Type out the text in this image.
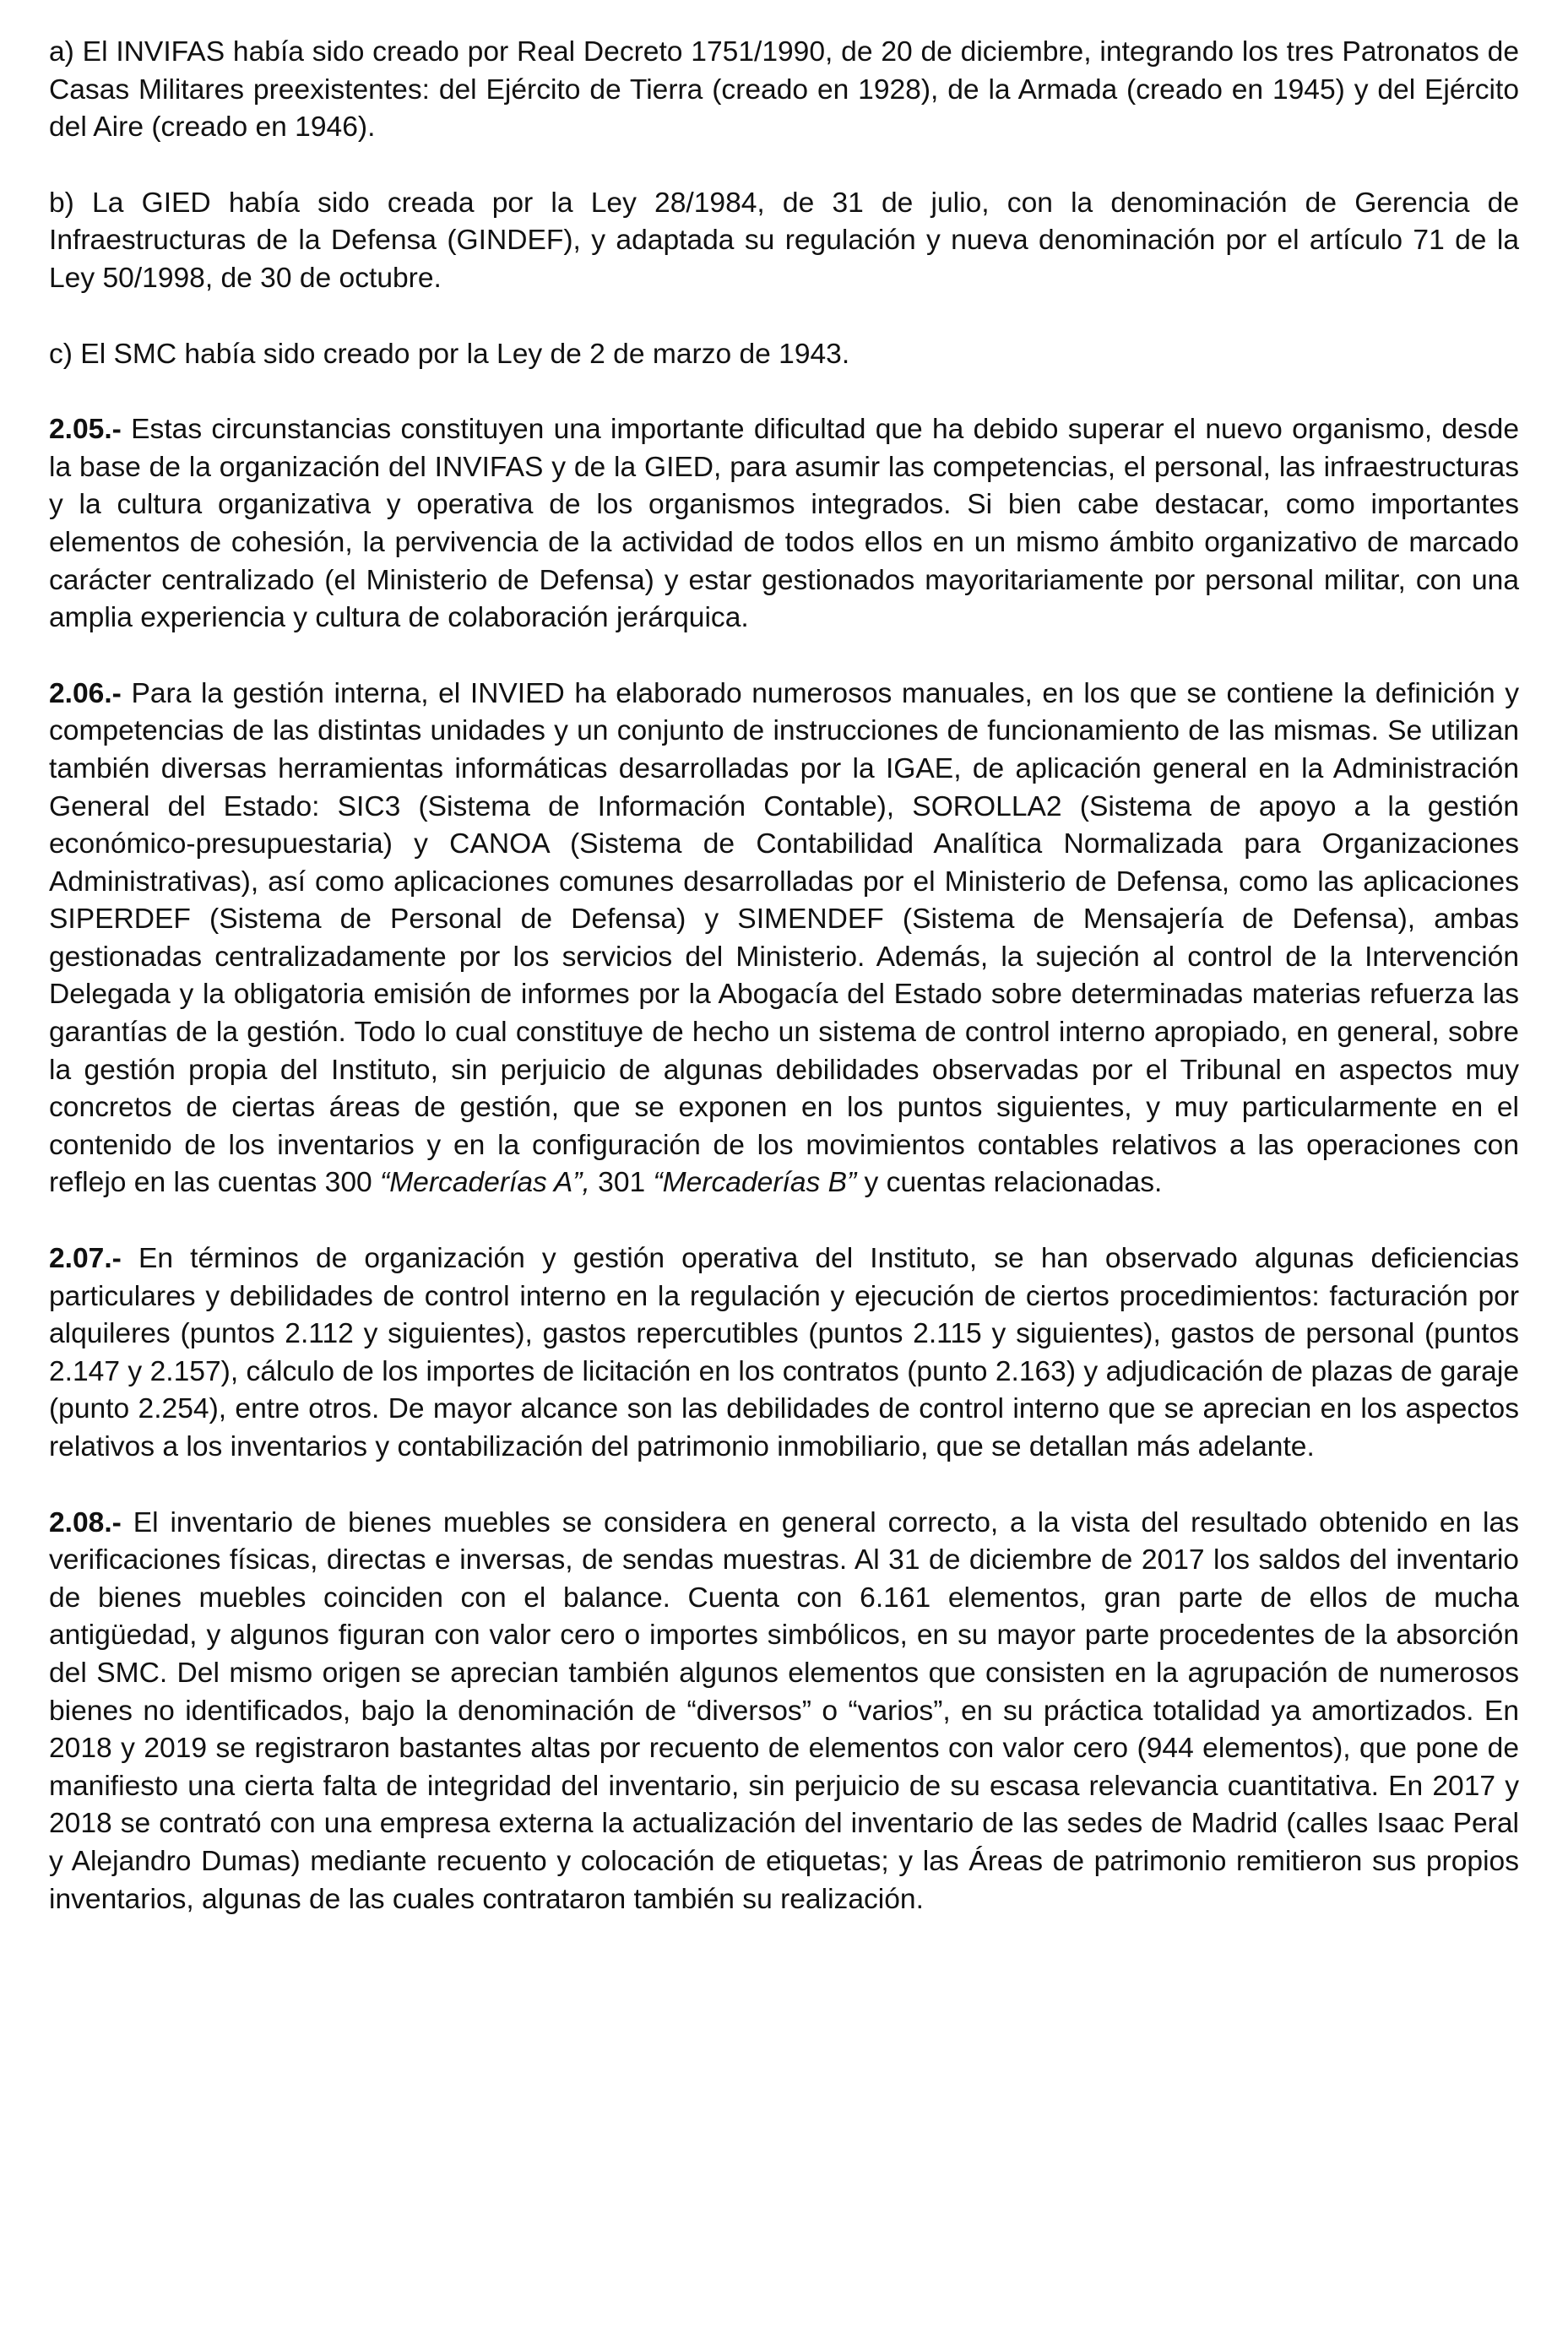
a) El INVIFAS había sido creado por Real Decreto 1751/1990, de 20 de diciembre, integrando los tres Patronatos de Casas Militares preexistentes: del Ejército de Tierra (creado en 1928), de la Armada (creado en 1945) y del Ejército del Aire (creado en 1946).

b) La GIED había sido creada por la Ley 28/1984, de 31 de julio, con la denominación de Gerencia de Infraestructuras de la Defensa (GINDEF), y adaptada su regulación y nueva denominación por el artículo 71 de la Ley 50/1998, de 30 de octubre.

c) El SMC había sido creado por la Ley de 2 de marzo de 1943.

2.05.- Estas circunstancias constituyen una importante dificultad que ha debido superar el nuevo organismo, desde la base de la organización del INVIFAS y de la GIED, para asumir las competencias, el personal, las infraestructuras y la cultura organizativa y operativa de los organismos integrados. Si bien cabe destacar, como importantes elementos de cohesión, la pervivencia de la actividad de todos ellos en un mismo ámbito organizativo de marcado carácter centralizado (el Ministerio de Defensa) y estar gestionados mayoritariamente por personal militar, con una amplia experiencia y cultura de colaboración jerárquica.

2.06.- Para la gestión interna, el INVIED ha elaborado numerosos manuales, en los que se contiene la definición y competencias de las distintas unidades y un conjunto de instrucciones de funcionamiento de las mismas. Se utilizan también diversas herramientas informáticas desarrolladas por la IGAE, de aplicación general en la Administración General del Estado: SIC3 (Sistema de Información Contable), SOROLLA2 (Sistema de apoyo a la gestión económico-presupuestaria) y CANOA (Sistema de Contabilidad Analítica Normalizada para Organizaciones Administrativas), así como aplicaciones comunes desarrolladas por el Ministerio de Defensa, como las aplicaciones SIPERDEF (Sistema de Personal de Defensa) y SIMENDEF (Sistema de Mensajería de Defensa), ambas gestionadas centralizadamente por los servicios del Ministerio. Además, la sujeción al control de la Intervención Delegada y la obligatoria emisión de informes por la Abogacía del Estado sobre determinadas materias refuerza las garantías de la gestión. Todo lo cual constituye de hecho un sistema de control interno apropiado, en general, sobre la gestión propia del Instituto, sin perjuicio de algunas debilidades observadas por el Tribunal en aspectos muy concretos de ciertas áreas de gestión, que se exponen en los puntos siguientes, y muy particularmente en el contenido de los inventarios y en la configuración de los movimientos contables relativos a las operaciones con reflejo en las cuentas 300 “Mercaderías A”, 301 “Mercaderías B” y cuentas relacionadas.

2.07.- En términos de organización y gestión operativa del Instituto, se han observado algunas deficiencias particulares y debilidades de control interno en la regulación y ejecución de ciertos procedimientos: facturación por alquileres (puntos 2.112 y siguientes), gastos repercutibles (puntos 2.115 y siguientes), gastos de personal (puntos 2.147 y 2.157), cálculo de los importes de licitación en los contratos (punto 2.163) y adjudicación de plazas de garaje (punto 2.254), entre otros. De mayor alcance son las debilidades de control interno que se aprecian en los aspectos relativos a los inventarios y contabilización del patrimonio inmobiliario, que se detallan más adelante.

2.08.- El inventario de bienes muebles se considera en general correcto, a la vista del resultado obtenido en las verificaciones físicas, directas e inversas, de sendas muestras. Al 31 de diciembre de 2017 los saldos del inventario de bienes muebles coinciden con el balance. Cuenta con 6.161 elementos, gran parte de ellos de mucha antigüedad, y algunos figuran con valor cero o importes simbólicos, en su mayor parte procedentes de la absorción del SMC. Del mismo origen se aprecian también algunos elementos que consisten en la agrupación de numerosos bienes no identificados, bajo la denominación de “diversos” o “varios”, en su práctica totalidad ya amortizados. En 2018 y 2019 se registraron bastantes altas por recuento de elementos con valor cero (944 elementos), que pone de manifiesto una cierta falta de integridad del inventario, sin perjuicio de su escasa relevancia cuantitativa. En 2017 y 2018 se contrató con una empresa externa la actualización del inventario de las sedes de Madrid (calles Isaac Peral y Alejandro Dumas) mediante recuento y colocación de etiquetas; y las Áreas de patrimonio remitieron sus propios inventarios, algunas de las cuales contrataron también su realización.
